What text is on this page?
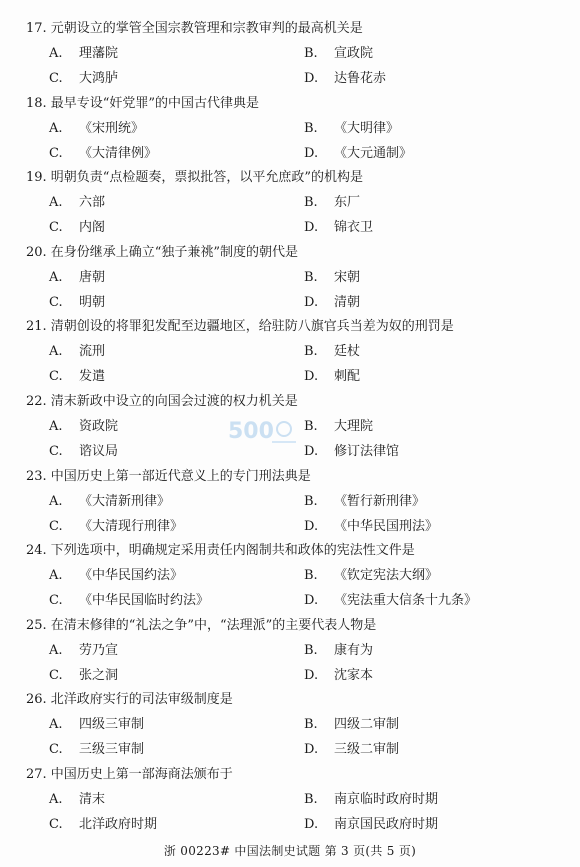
500
浙 00223# 中国法制史试题 第 3 页(共 5 页)
17. 元朝设立的掌管全国宗教管理和宗教审判的最高机关是
A. 理藩院	B. 宣政院
C. 大鸿胪	D. 达鲁花赤
18. 最早专设“奸党罪”的中国古代律典是
A. 《宋刑统》	B. 《大明律》
C. 《大清律例》	D. 《大元通制》
19. 明朝负责“点检题奏，票拟批答，以平允庶政”的机构是
A. 六部	B. 东厂
C. 内阁	D. 锦衣卫
20. 在身份继承上确立“独子兼祧”制度的朝代是
A. 唐朝	B. 宋朝
C. 明朝	D. 清朝
21. 清朝创设的将罪犯发配至边疆地区，给驻防八旗官兵当差为奴的刑罚是
A. 流刑	B. 廷杖
C. 发遣	D. 刺配
22. 清末新政中设立的向国会过渡的权力机关是
A. 资政院	B. 大理院
C. 谘议局	D. 修订法律馆
23. 中国历史上第一部近代意义上的专门刑法典是
A. 《大清新刑律》	B. 《暂行新刑律》
C. 《大清现行刑律》	D. 《中华民国刑法》
24. 下列选项中，明确规定采用责任内阁制共和政体的宪法性文件是
A. 《中华民国约法》	B. 《钦定宪法大纲》
C. 《中华民国临时约法》	D. 《宪法重大信条十九条》
25. 在清末修律的“礼法之争”中，“法理派”的主要代表人物是
A. 劳乃宣	B. 康有为
C. 张之洞	D. 沈家本
26. 北洋政府实行的司法审级制度是
A. 四级三审制	B. 四级二审制
C. 三级三审制	D. 三级二审制
27. 中国历史上第一部海商法颁布于
A. 清末	B. 南京临时政府时期
C. 北洋政府时期	D. 南京国民政府时期
